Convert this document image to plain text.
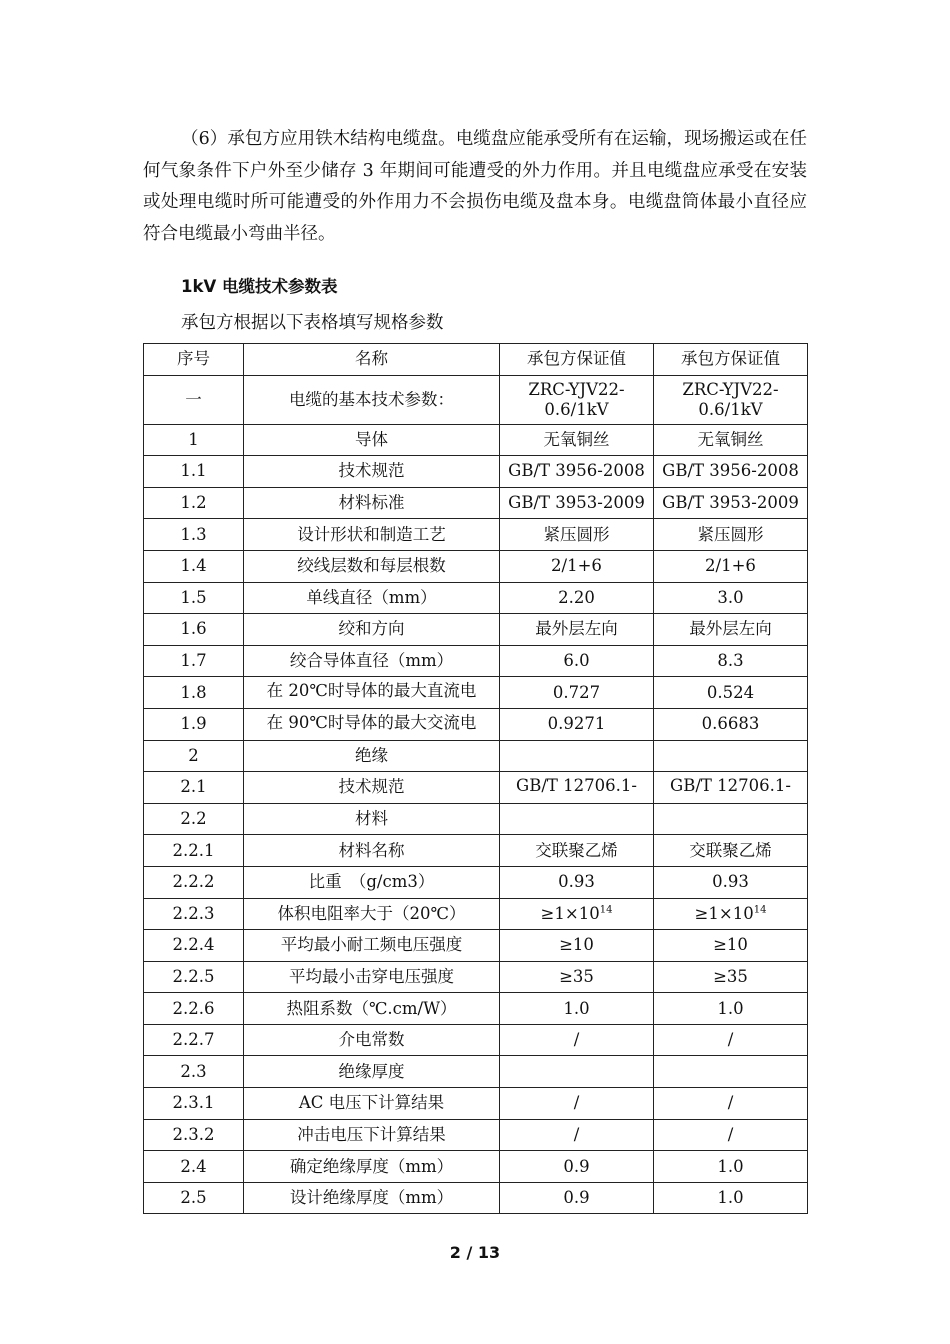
（6）承包方应用铁木结构电缆盘。电缆盘应能承受所有在运输，现场搬运或在任何气象条件下户外至少储存 3 年期间可能遭受的外力作用。并且电缆盘应承受在安装或处理电缆时所可能遭受的外作用力不会损伤电缆及盘本身。电缆盘筒体最小直径应符合电缆最小弯曲半径。

1kV 电缆技术参数表

承包方根据以下表格填写规格参数

序号	名称	承包方保证值	承包方保证值
一	电缆的基本技术参数：	ZRC-YJV22-0.6/1kV	ZRC-YJV22-0.6/1kV
1	导体	无氧铜丝	无氧铜丝
1.1	技术规范	GB/T 3956-2008	GB/T 3956-2008
1.2	材料标准	GB/T 3953-2009	GB/T 3953-2009
1.3	设计形状和制造工艺	紧压圆形	紧压圆形
1.4	绞线层数和每层根数	2/1+6	2/1+6
1.5	单线直径（mm）	2.20	3.0
1.6	绞和方向	最外层左向	最外层左向
1.7	绞合导体直径（mm）	6.0	8.3
1.8	在 20℃时导体的最大直流电	0.727	0.524
1.9	在 90℃时导体的最大交流电	0.9271	0.6683
2	绝缘		
2.1	技术规范	GB/T 12706.1-	GB/T 12706.1-
2.2	材料		
2.2.1	材料名称	交联聚乙烯	交联聚乙烯
2.2.2	比重　（g/cm3）	0.93	0.93
2.2.3	体积电阻率大于（20℃）	$\ge 1\times 10^{14}$	$\ge 1\times 10^{14}$
2.2.4	平均最小耐工频电压强度	≥10	≥10
2.2.5	平均最小击穿电压强度	≥35	≥35
2.2.6	热阻系数（℃.cm/W）	1.0	1.0
2.2.7	介电常数	/	/
2.3	绝缘厚度		
2.3.1	AC 电压下计算结果	/	/
2.3.2	冲击电压下计算结果	/	/
2.4	确定绝缘厚度（mm）	0.9	1.0
2.5	设计绝缘厚度（mm）	0.9	1.0
2 / 13
